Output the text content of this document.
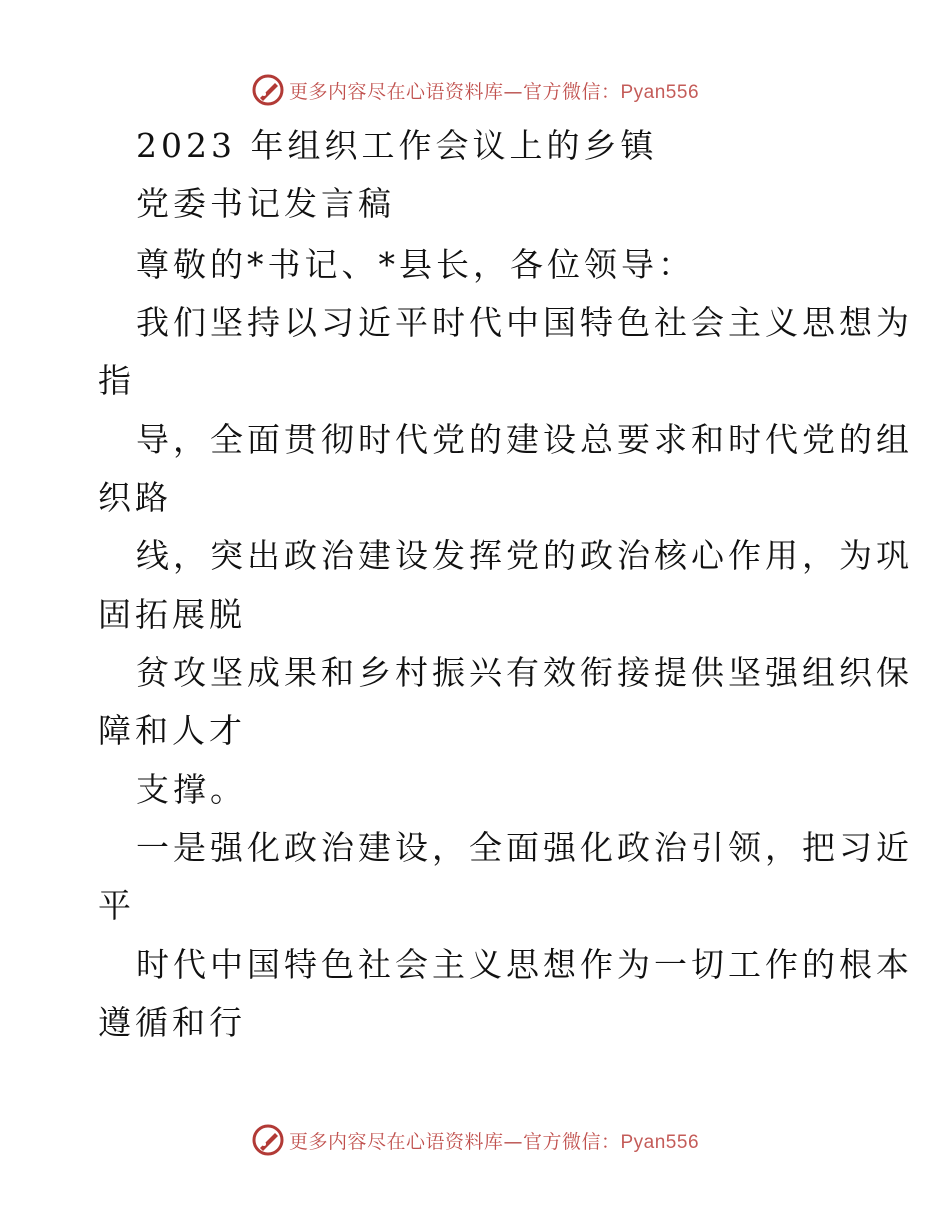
更多内容尽在心语资料库—官方微信：Pyan556
2023 年组织工作会议上的乡镇
党委书记发言稿
尊敬的*书记、*县长，各位领导：
我们坚持以习近平时代中国特色社会主义思想为
指
导，全面贯彻时代党的建设总要求和时代党的组
织路
线，突出政治建设发挥党的政治核心作用，为巩
固拓展脱
贫攻坚成果和乡村振兴有效衔接提供坚强组织保
障和人才
支撑。
一是强化政治建设，全面强化政治引领，把习近
平
时代中国特色社会主义思想作为一切工作的根本
遵循和行
更多内容尽在心语资料库—官方微信：Pyan556
